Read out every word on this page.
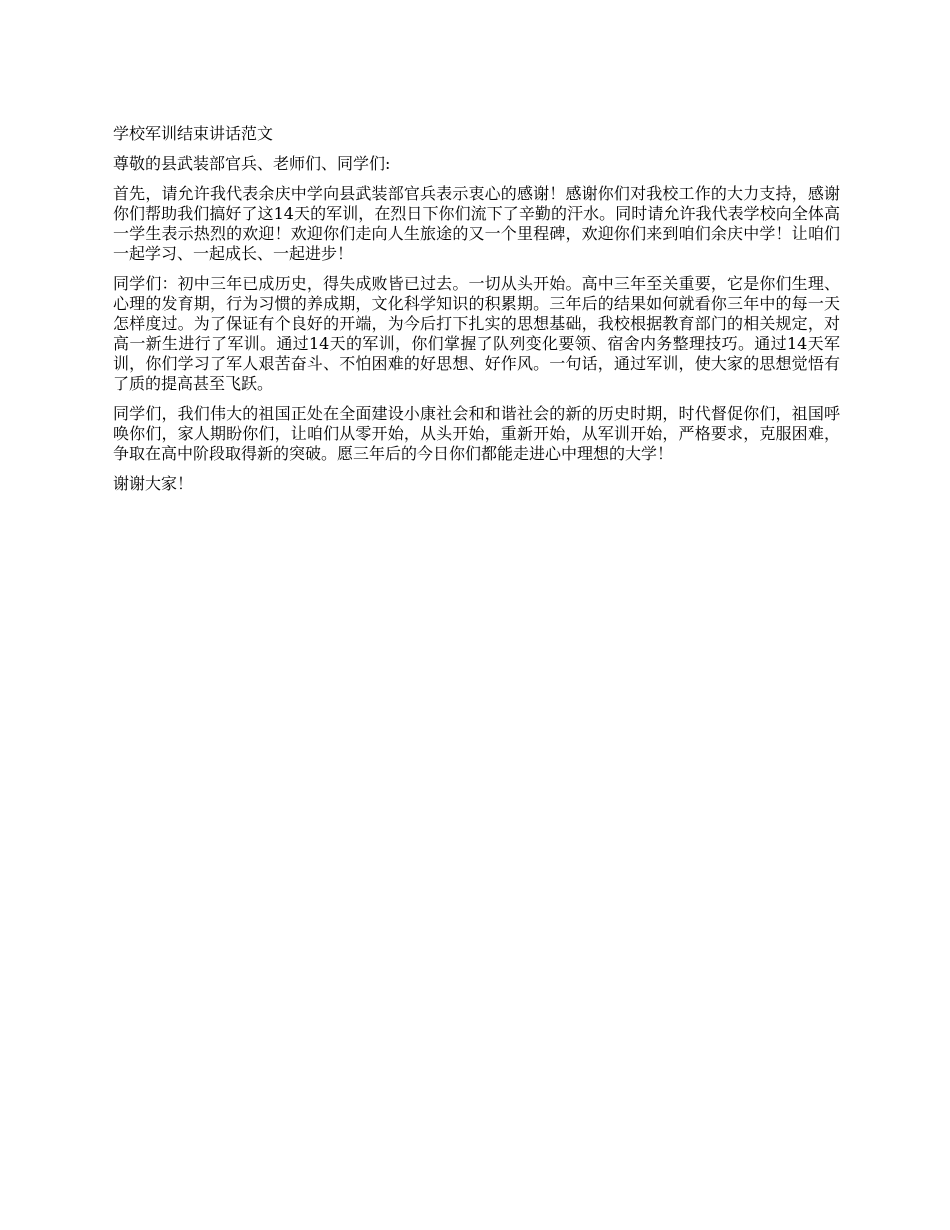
学校军训结束讲话范文

尊敬的县武装部官兵、老师们、同学们:

首先，请允许我代表余庆中学向县武装部官兵表示衷心的感谢！感谢你们对我校工作的大力支持，感谢你们帮助我们搞好了这14天的军训，在烈日下你们流下了辛勤的汗水。同时请允许我代表学校向全体高一学生表示热烈的欢迎！欢迎你们走向人生旅途的又一个里程碑，欢迎你们来到咱们余庆中学！让咱们一起学习、一起成长、一起进步！

同学们：初中三年已成历史，得失成败皆已过去。一切从头开始。高中三年至关重要，它是你们生理、心理的发育期，行为习惯的养成期，文化科学知识的积累期。三年后的结果如何就看你三年中的每一天怎样度过。为了保证有个良好的开端，为今后打下扎实的思想基础，我校根据教育部门的相关规定，对高一新生进行了军训。通过14天的军训，你们掌握了队列变化要领、宿舍内务整理技巧。通过14天军训，你们学习了军人艰苦奋斗、不怕困难的好思想、好作风。一句话，通过军训，使大家的思想觉悟有了质的提高甚至飞跃。

同学们，我们伟大的祖国正处在全面建设小康社会和和谐社会的新的历史时期，时代督促你们，祖国呼唤你们，家人期盼你们，让咱们从零开始，从头开始，重新开始，从军训开始，严格要求，克服困难，争取在高中阶段取得新的突破。愿三年后的今日你们都能走进心中理想的大学！

谢谢大家！
